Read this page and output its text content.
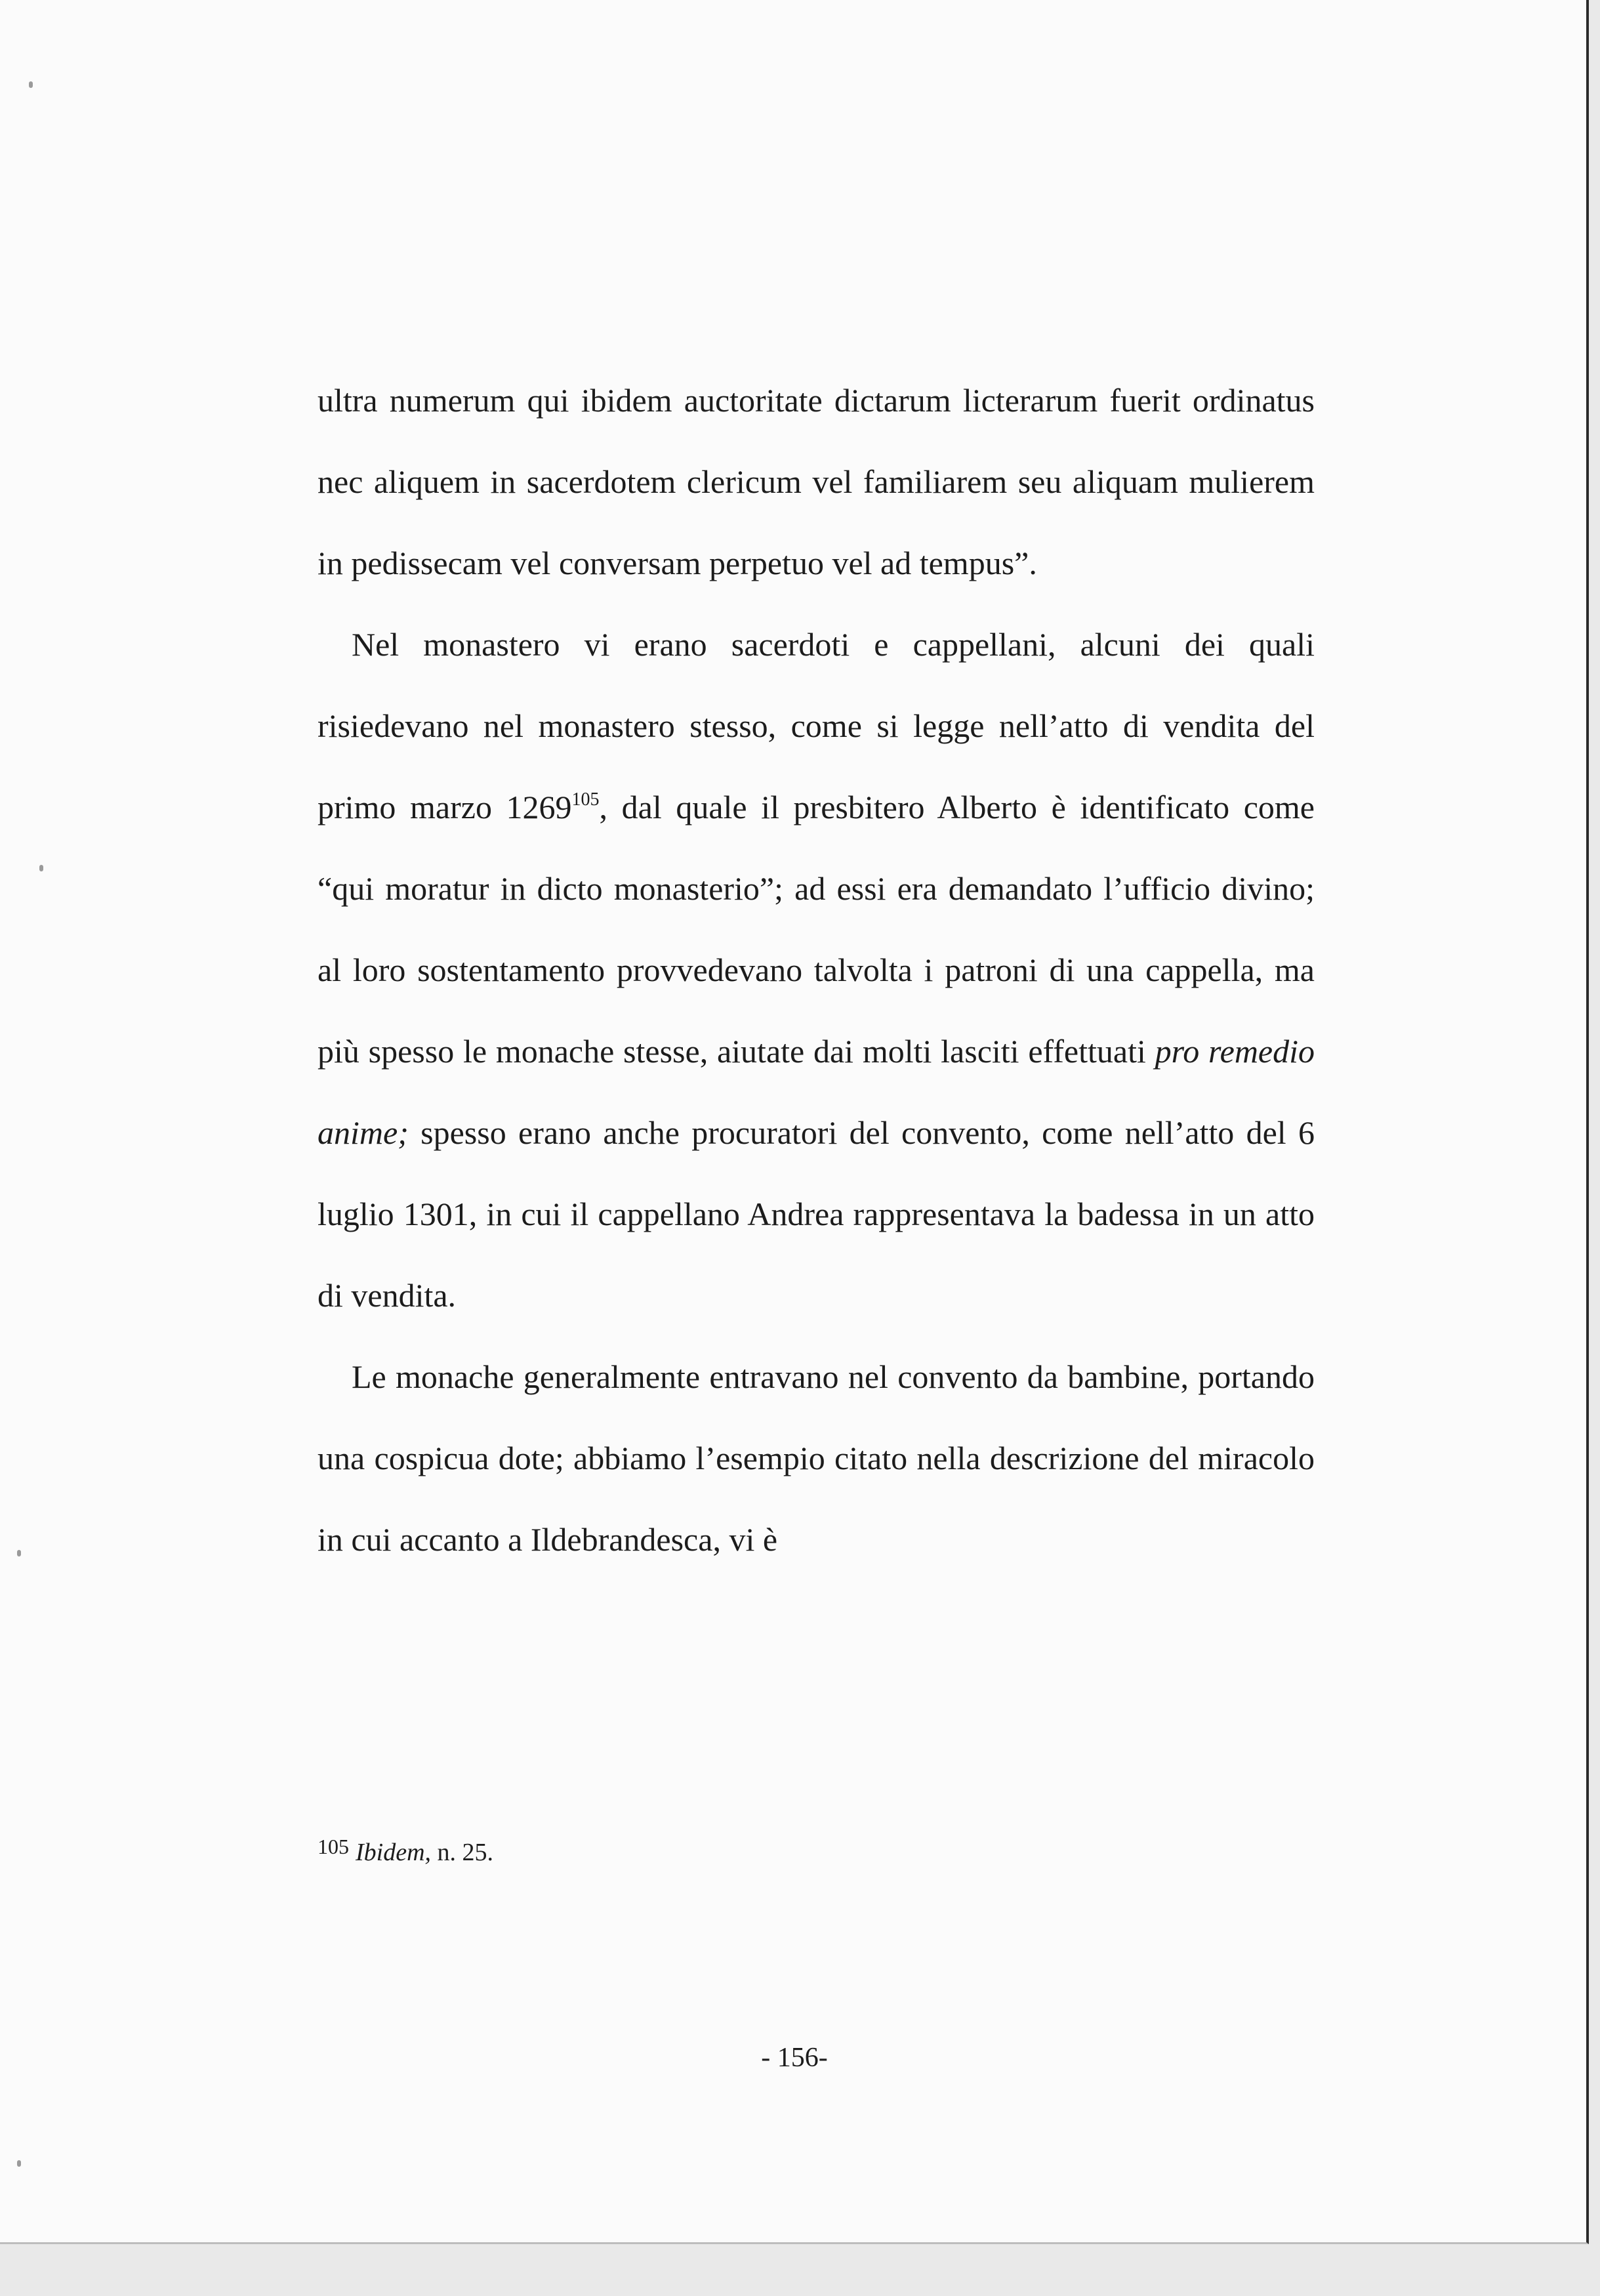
ultra numerum qui ibidem auctoritate dictarum licterarum fuerit ordinatus nec aliquem in sacerdotem clericum vel familiarem seu aliquam mulierem in pedissecam vel conversam perpetuo vel ad tempus”.

Nel monastero vi erano sacerdoti e cappellani, alcuni dei quali risiedevano nel monastero stesso, come si legge nell’atto di vendita del primo marzo 1269$^{105}$, dal quale il presbitero Alberto è identificato come “qui moratur in dicto monasterio”; ad essi era demandato l’ufficio divino; al loro sostentamento provvedevano talvolta i patroni di una cappella, ma più spesso le monache stesse, aiutate dai molti lasciti effettuati pro remedio anime; spesso erano anche procuratori del convento, come nell’atto del 6 luglio 1301, in cui il cappellano Andrea rappresentava la badessa in un atto di vendita.

Le monache generalmente entravano nel convento da bambine, portando una cospicua dote; abbiamo l’esempio citato nella descrizione del miracolo in cui accanto a Ildebrandesca, vi è

$^{105}$ Ibidem, n. 25.
- 156-
